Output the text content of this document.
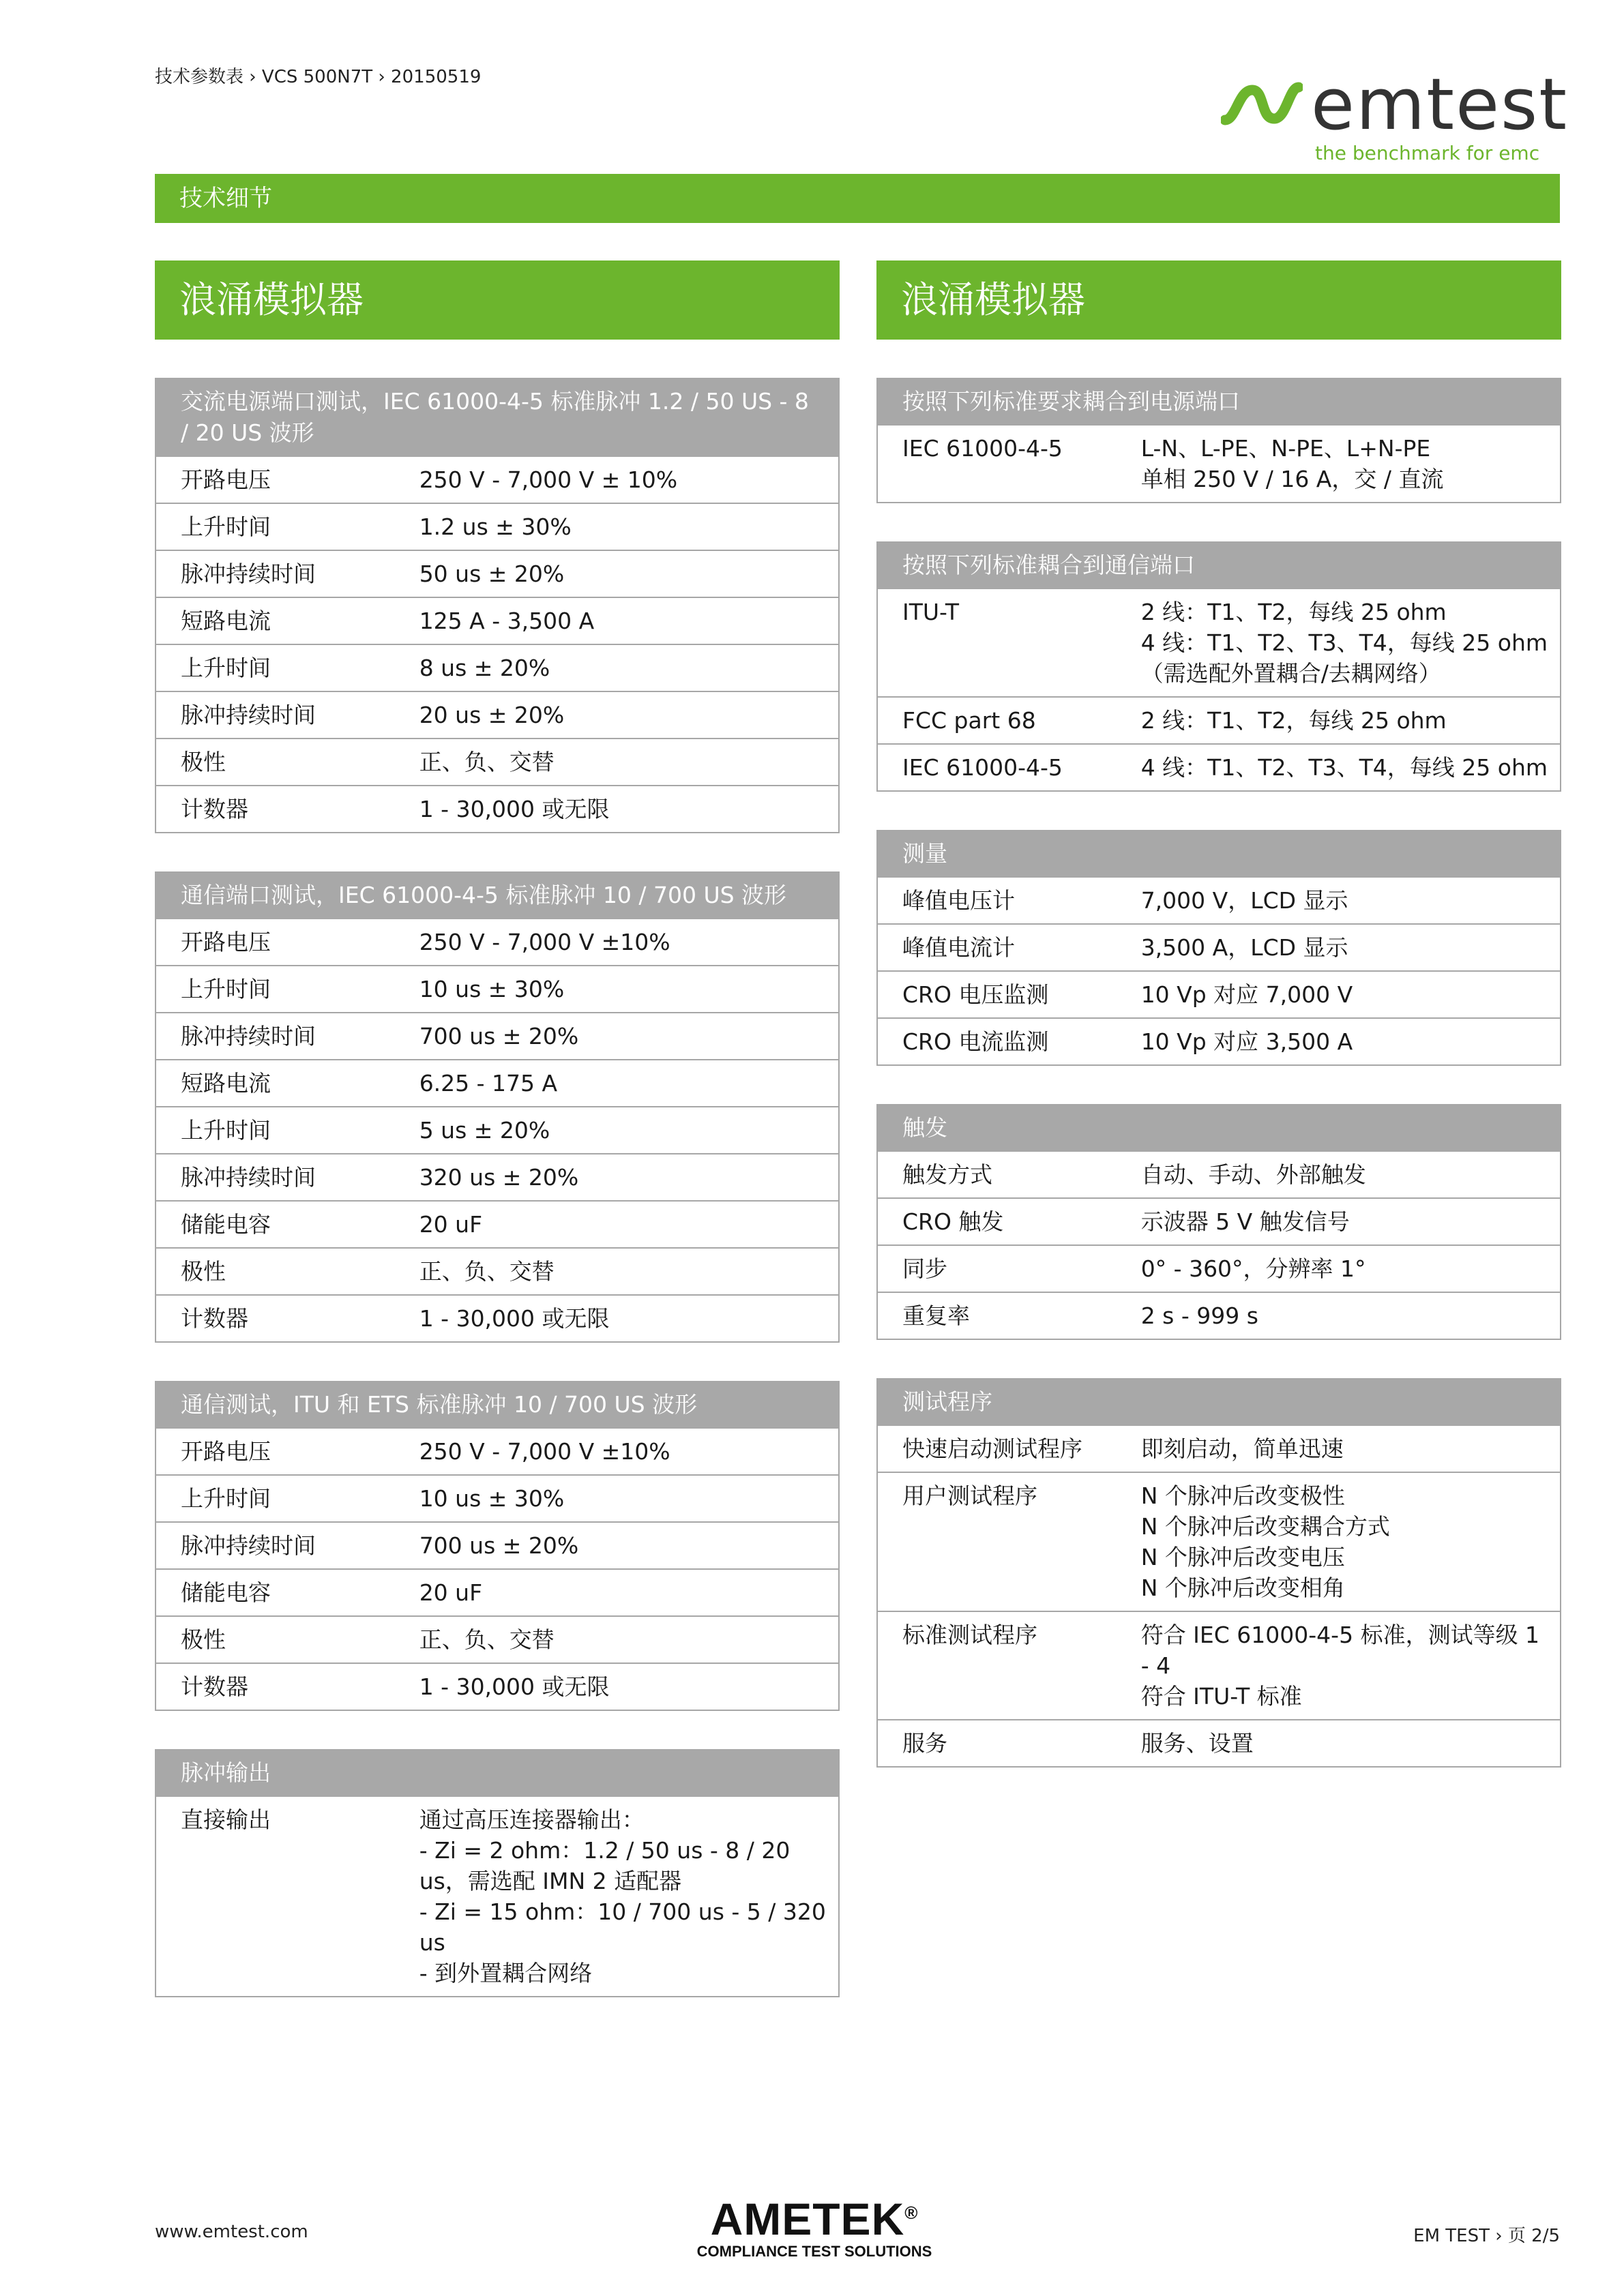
技术参数表 › VCS 500N7T › 20150519	emtest
the benchmark for emc
技术细节
浪涌模拟器
交流电源端口测试，IEC 61000-4-5 标准脉冲 1.2 / 50 US - 8 / 20 US 波形	
开路电压	250 V - 7,000 V ± 10%
上升时间	1.2 us ± 30%
脉冲持续时间	50 us ± 20%
短路电流	125 A - 3,500 A
上升时间	8 us ± 20%
脉冲持续时间	20 us ± 20%
极性	正、负、交替
计数器	1 - 30,000 或无限
通信端口测试，IEC 61000-4-5 标准脉冲 10 / 700 US 波形	
开路电压	250 V - 7,000 V ±10%
上升时间	10 us ± 30%
脉冲持续时间	700 us ± 20%
短路电流	6.25 - 175 A
上升时间	5 us ± 20%
脉冲持续时间	320 us ± 20%
储能电容	20 uF
极性	正、负、交替
计数器	1 - 30,000 或无限
通信测试，ITU 和 ETS 标准脉冲 10 / 700 US 波形	
开路电压	250 V - 7,000 V ±10%
上升时间	10 us ± 30%
脉冲持续时间	700 us ± 20%
储能电容	20 uF
极性	正、负、交替
计数器	1 - 30,000 或无限
脉冲输出
直接输出	通过高压连接器输出：
- Zi = 2 ohm：1.2 / 50 us - 8 / 20 us，需选配 IMN 2 适配器
- Zi = 15 ohm：10 / 700 us - 5 / 320 us
- 到外置耦合网络
浪涌模拟器
按照下列标准要求耦合到电源端口
IEC 61000-4-5	L-N、L-PE、N-PE、L+N-PE
单相 250 V / 16 A，交 / 直流
按照下列标准耦合到通信端口	
ITU-T	2 线：T1、T2，每线 25 ohm
4 线：T1、T2、T3、T4，每线 25 ohm
（需选配外置耦合/去耦网络）
FCC part 68	2 线：T1、T2，每线 25 ohm
IEC 61000-4-5	4 线：T1、T2、T3、T4，每线 25 ohm
测量	
峰值电压计	7,000 V，LCD 显示
峰值电流计	3,500 A，LCD 显示
CRO 电压监测	10 Vp 对应 7,000 V
CRO 电流监测	10 Vp 对应 3,500 A
触发	
触发方式	自动、手动、外部触发
CRO 触发	示波器 5 V 触发信号
同步	0° - 360°，分辨率 1°
重复率	2 s - 999 s
测试程序	
快速启动测试程序	即刻启动，简单迅速
用户测试程序	N 个脉冲后改变极性
N 个脉冲后改变耦合方式
N 个脉冲后改变电压
N 个脉冲后改变相角
标准测试程序	符合 IEC 61000-4-5 标准，测试等级 1 - 4
符合 ITU-T 标准
服务	服务、设置
www.emtest.com	AMETEK®
COMPLIANCE TEST SOLUTIONS
EM TEST › 页 2/5
